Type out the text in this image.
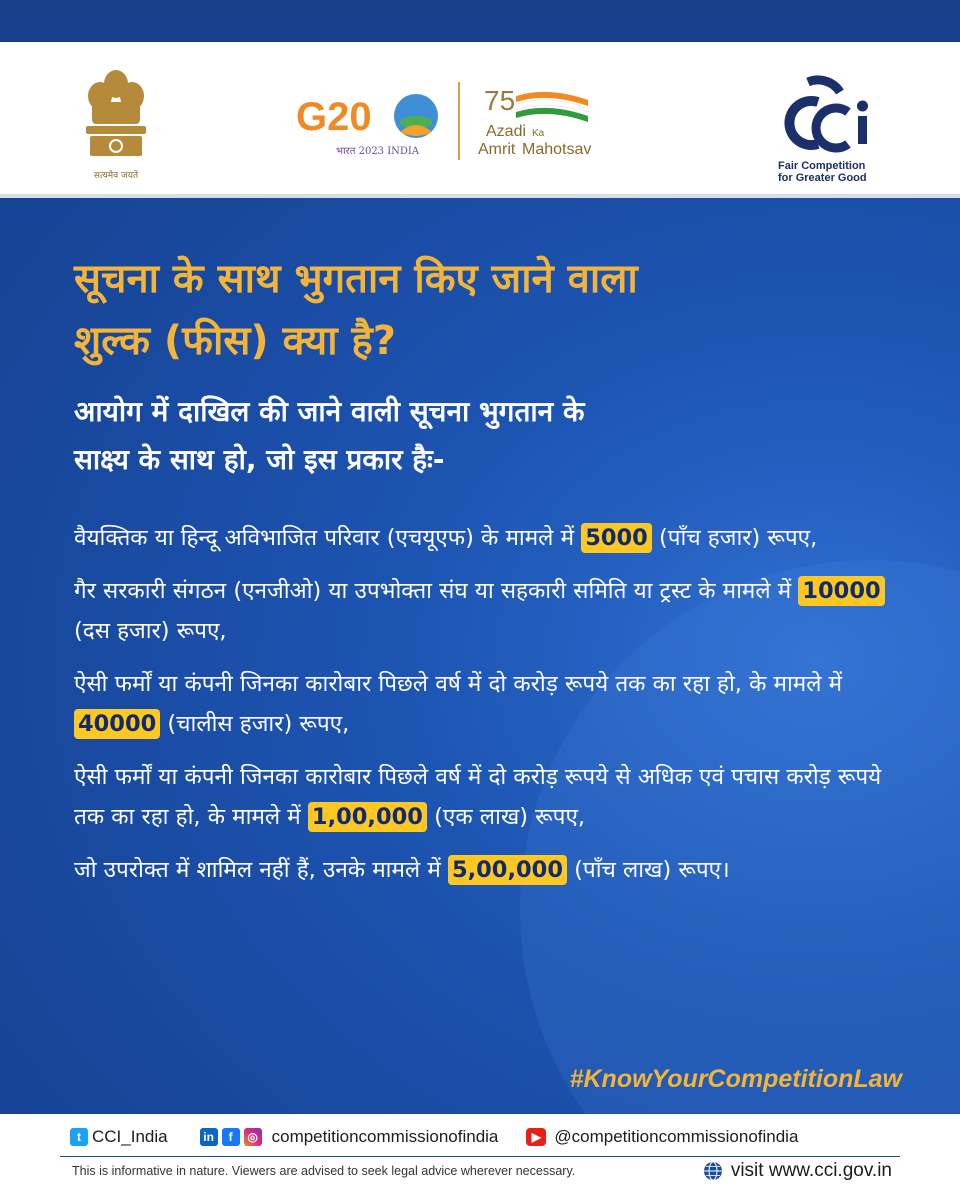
सत्यमेव जयते
G20
भारत 2023 INDIA
75
Azadi Ka
Amrit Mahotsav
Fair Competition
for Greater Good
सूचना के साथ भुगतान किए जाने वाला
शुल्क (फीस) क्या है?
आयोग में दाखिल की जाने वाली सूचना भुगतान के
साक्ष्य के साथ हो, जो इस प्रकार हैः-
वैयक्तिक या हिन्दू अविभाजित परिवार (एचयूएफ) के मामले में 5000 (पाँच हजार) रूपए,
गैर सरकारी संगठन (एनजीओ) या उपभोक्ता संघ या सहकारी समिति या ट्रस्ट के मामले में 10000 (दस हजार) रूपए,
ऐसी फर्मों या कंपनी जिनका कारोबार पिछले वर्ष में दो करोड़ रूपये तक का रहा हो, के मामले में 40000 (चालीस हजार) रूपए,
ऐसी फर्मों या कंपनी जिनका कारोबार पिछले वर्ष में दो करोड़ रूपये से अधिक एवं पचास करोड़ रूपये तक का रहा हो, के मामले में 1,00,000 (एक लाख) रूपए,
जो उपरोक्त में शामिल नहीं हैं, उनके मामले में 5,00,000 (पाँच लाख) रूपए।
#KnowYourCompetitionLaw
t CCI_India	in	f	◎ competitioncommissionofindia	▶ @competitioncommissionofindia
This is informative in nature. Viewers are advised to seek legal advice wherever necessary.	visit www.cci.gov.in
